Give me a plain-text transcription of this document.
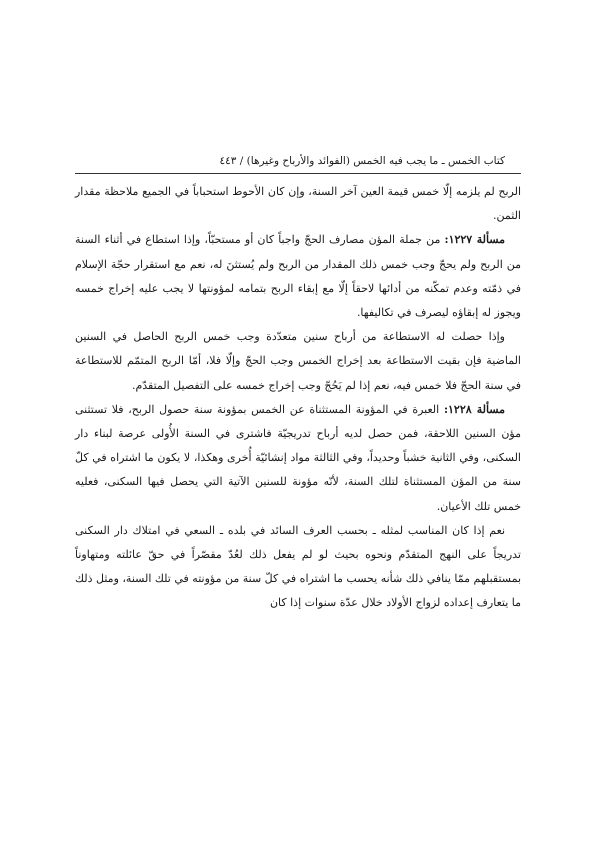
كتاب الخمس ـ ما يجب فيه الخمس (الفوائد والأرباح وغيرها) / ٤٤٣

الربح لم يلزمه إلّا خمس قيمة العين آخر السنة، وإن كان الأحوط استحباباً في الجميع ملاحظة مقدار الثمن.

مسألة ١٢٢٧: من جملة المؤن مصارف الحجّ واجباً كان أو مستحبّاً، وإذا استطاع في أثناء السنة من الربح ولم يحجّ وجب خمس ذلك المقدار من الربح ولم يُستثنَ له، نعم مع استقرار حجّة الإسلام في ذمّته وعدم تمكّنه من أدائها لاحقاً إلّا مع إبقاء الربح بتمامه لمؤونتها لا يجب عليه إخراج خمسه ويجوز له إبقاؤه ليصرف في تكاليفها.

وإذا حصلت له الاستطاعة من أرباح سنين متعدّدة وجب خمس الربح الحاصل في السنين الماضية فإن بقيت الاستطاعة بعد إخراج الخمس وجب الحجّ وإلّا فلا، أمّا الربح المتمّم للاستطاعة في سنة الحجّ فلا خمس فيه، نعم إذا لم يَحُجّ وجب إخراج خمسه على التفصيل المتقدّم.

مسألة ١٢٢٨: العبرة في المؤونة المستثناة عن الخمس بمؤونة سنة حصول الربح، فلا تستثنى مؤن السنين اللاحقة، فمن حصل لديه أرباح تدريجيّة فاشترى في السنة الأُولى عرصة لبناء دار السكنى، وفي الثانية خشباً وحديداً، وفي الثالثة مواد إنشائيّة أُخرى وهكذا، لا يكون ما اشتراه في كلّ سنة من المؤن المستثناة لتلك السنة، لأنّه مؤونة للسنين الآتية التي يحصل فيها السكنى، فعليه خمس تلك الأعيان.

نعم إذا كان المناسب لمثله ـ بحسب العرف السائد في بلده ـ السعي في امتلاك دار السكنى تدريجاً على النهج المتقدّم ونحوه بحيث لو لم يفعل ذلك لعُدّ مقصّراً في حقّ عائلته ومتهاوناً بمستقبلهم ممّا ينافي ذلك شأنه يحسب ما اشتراه في كلّ سنة من مؤونته في تلك السنة، ومثل ذلك ما يتعارف إعداده لزواج الأولاد خلال عدّة سنوات إذا كان
